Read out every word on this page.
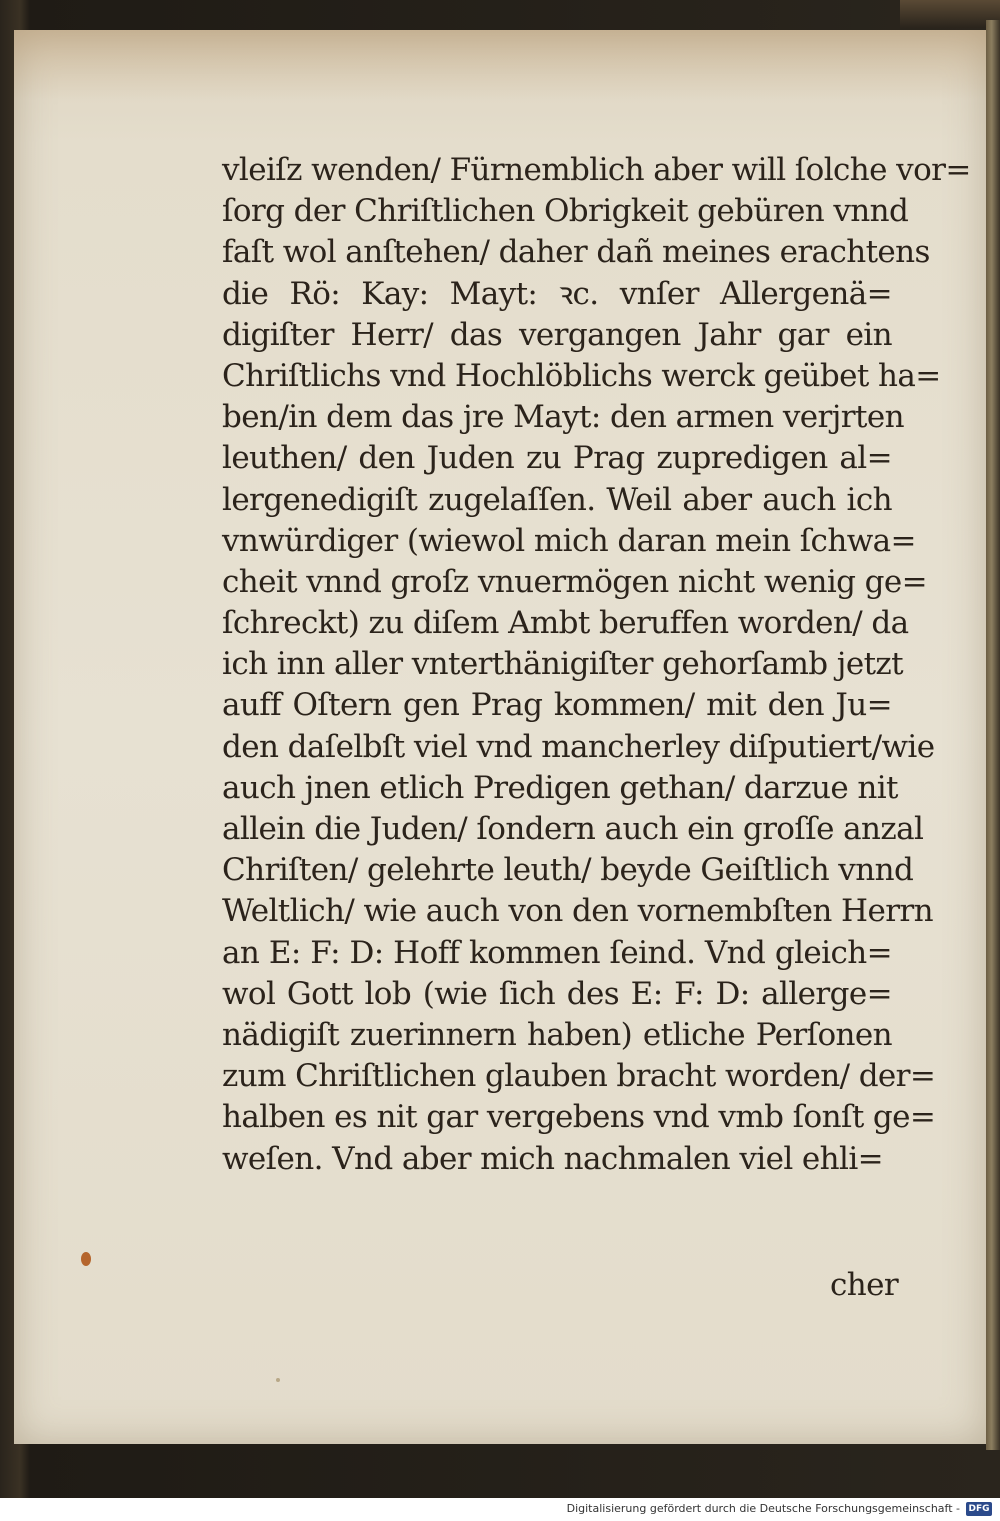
vleiſz wenden/ Fürnemblich aber will ſolche vor=
ſorg der Chriſtlichen Obrigkeit gebüren vnnd
faſt wol anſtehen/ daher dañ meines erachtens
die Rö: Kay: Mayt: ꝛc. vnſer Allergenä=
digiſter Herr/ das vergangen Jahr gar ein
Chriſtlichs vnd Hochlöblichs werck geübet ha=
ben/in dem das jre Mayt: den armen verjrten
leuthen/ den Juden zu Prag zupredigen al=
lergenedigiſt zugelaſſen. Weil aber auch ich
vnwürdiger (wiewol mich daran mein ſchwa=
cheit vnnd groſz vnuermögen nicht wenig ge=
ſchreckt) zu diſem Ambt beruffen worden/ da
ich inn aller vnterthänigiſter gehorſamb jetzt
auff Oſtern gen Prag kommen/ mit den Ju=
den daſelbſt viel vnd mancherley diſputiert/wie
auch jnen etlich Predigen gethan/ darzue nit
allein die Juden/ ſondern auch ein groſſe anzal
Chriſten/ gelehrte leuth/ beyde Geiſtlich vnnd
Weltlich/ wie auch von den vornembſten Herrn
an E: F: D: Hoff kommen ſeind. Vnd gleich=
wol Gott lob (wie ſich des E: F: D: allerge=
nädigiſt zuerinnern haben) etliche Perſonen
zum Chriſtlichen glauben bracht worden/ der=
halben es nit gar vergebens vnd vmb ſonſt ge=
weſen. Vnd aber mich nachmalen viel ehli=
cher
Digitalisierung gefördert durch die Deutsche Forschungsgemeinschaft - DFG
